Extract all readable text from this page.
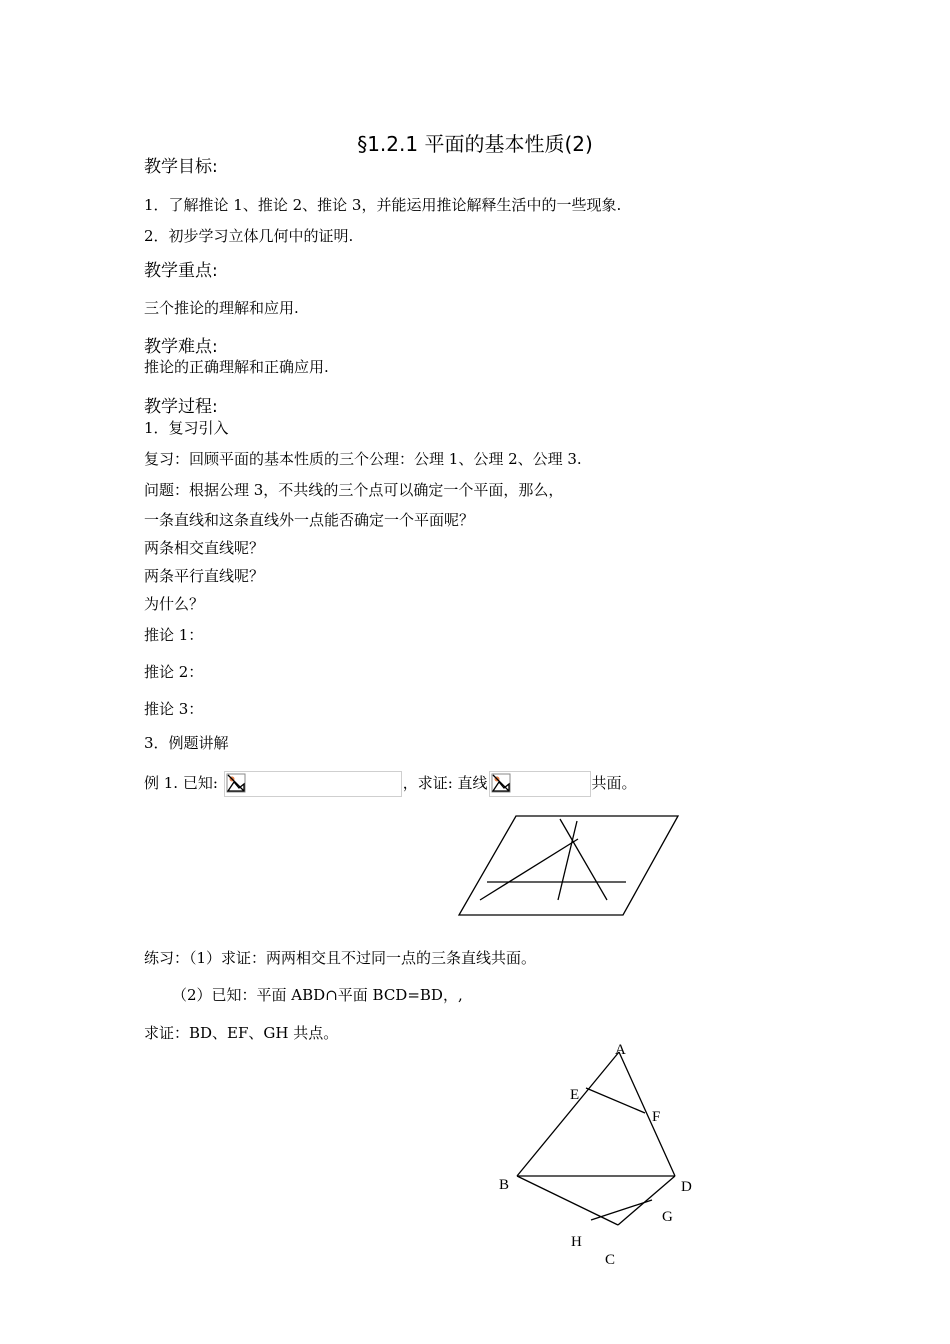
§1.2.1 平面的基本性质(2)
教学目标:
1．了解推论 1、推论 2、推论 3，并能运用推论解释生活中的一些现象.
2．初步学习立体几何中的证明.
教学重点:
三个推论的理解和应用.
教学难点:
推论的正确理解和正确应用.
教学过程:
1．复习引入
复习：回顾平面的基本性质的三个公理：公理 1、公理 2、公理 3.
问题：根据公理 3，不共线的三个点可以确定一个平面，那么，
一条直线和这条直线外一点能否确定一个平面呢？
两条相交直线呢？
两条平行直线呢？
为什么？
推论 1：
推论 2：
推论 3：
3．例题讲解
例 1. 已知:	，求证: 直线	共面。
练习：（1）求证：两两相交且不过同一点的三条直线共面。
（2）已知：平面 ABD∩平面 BCD=BD，,
求证：BD、EF、GH 共点。
A
E
F
B	D
G
H
C
